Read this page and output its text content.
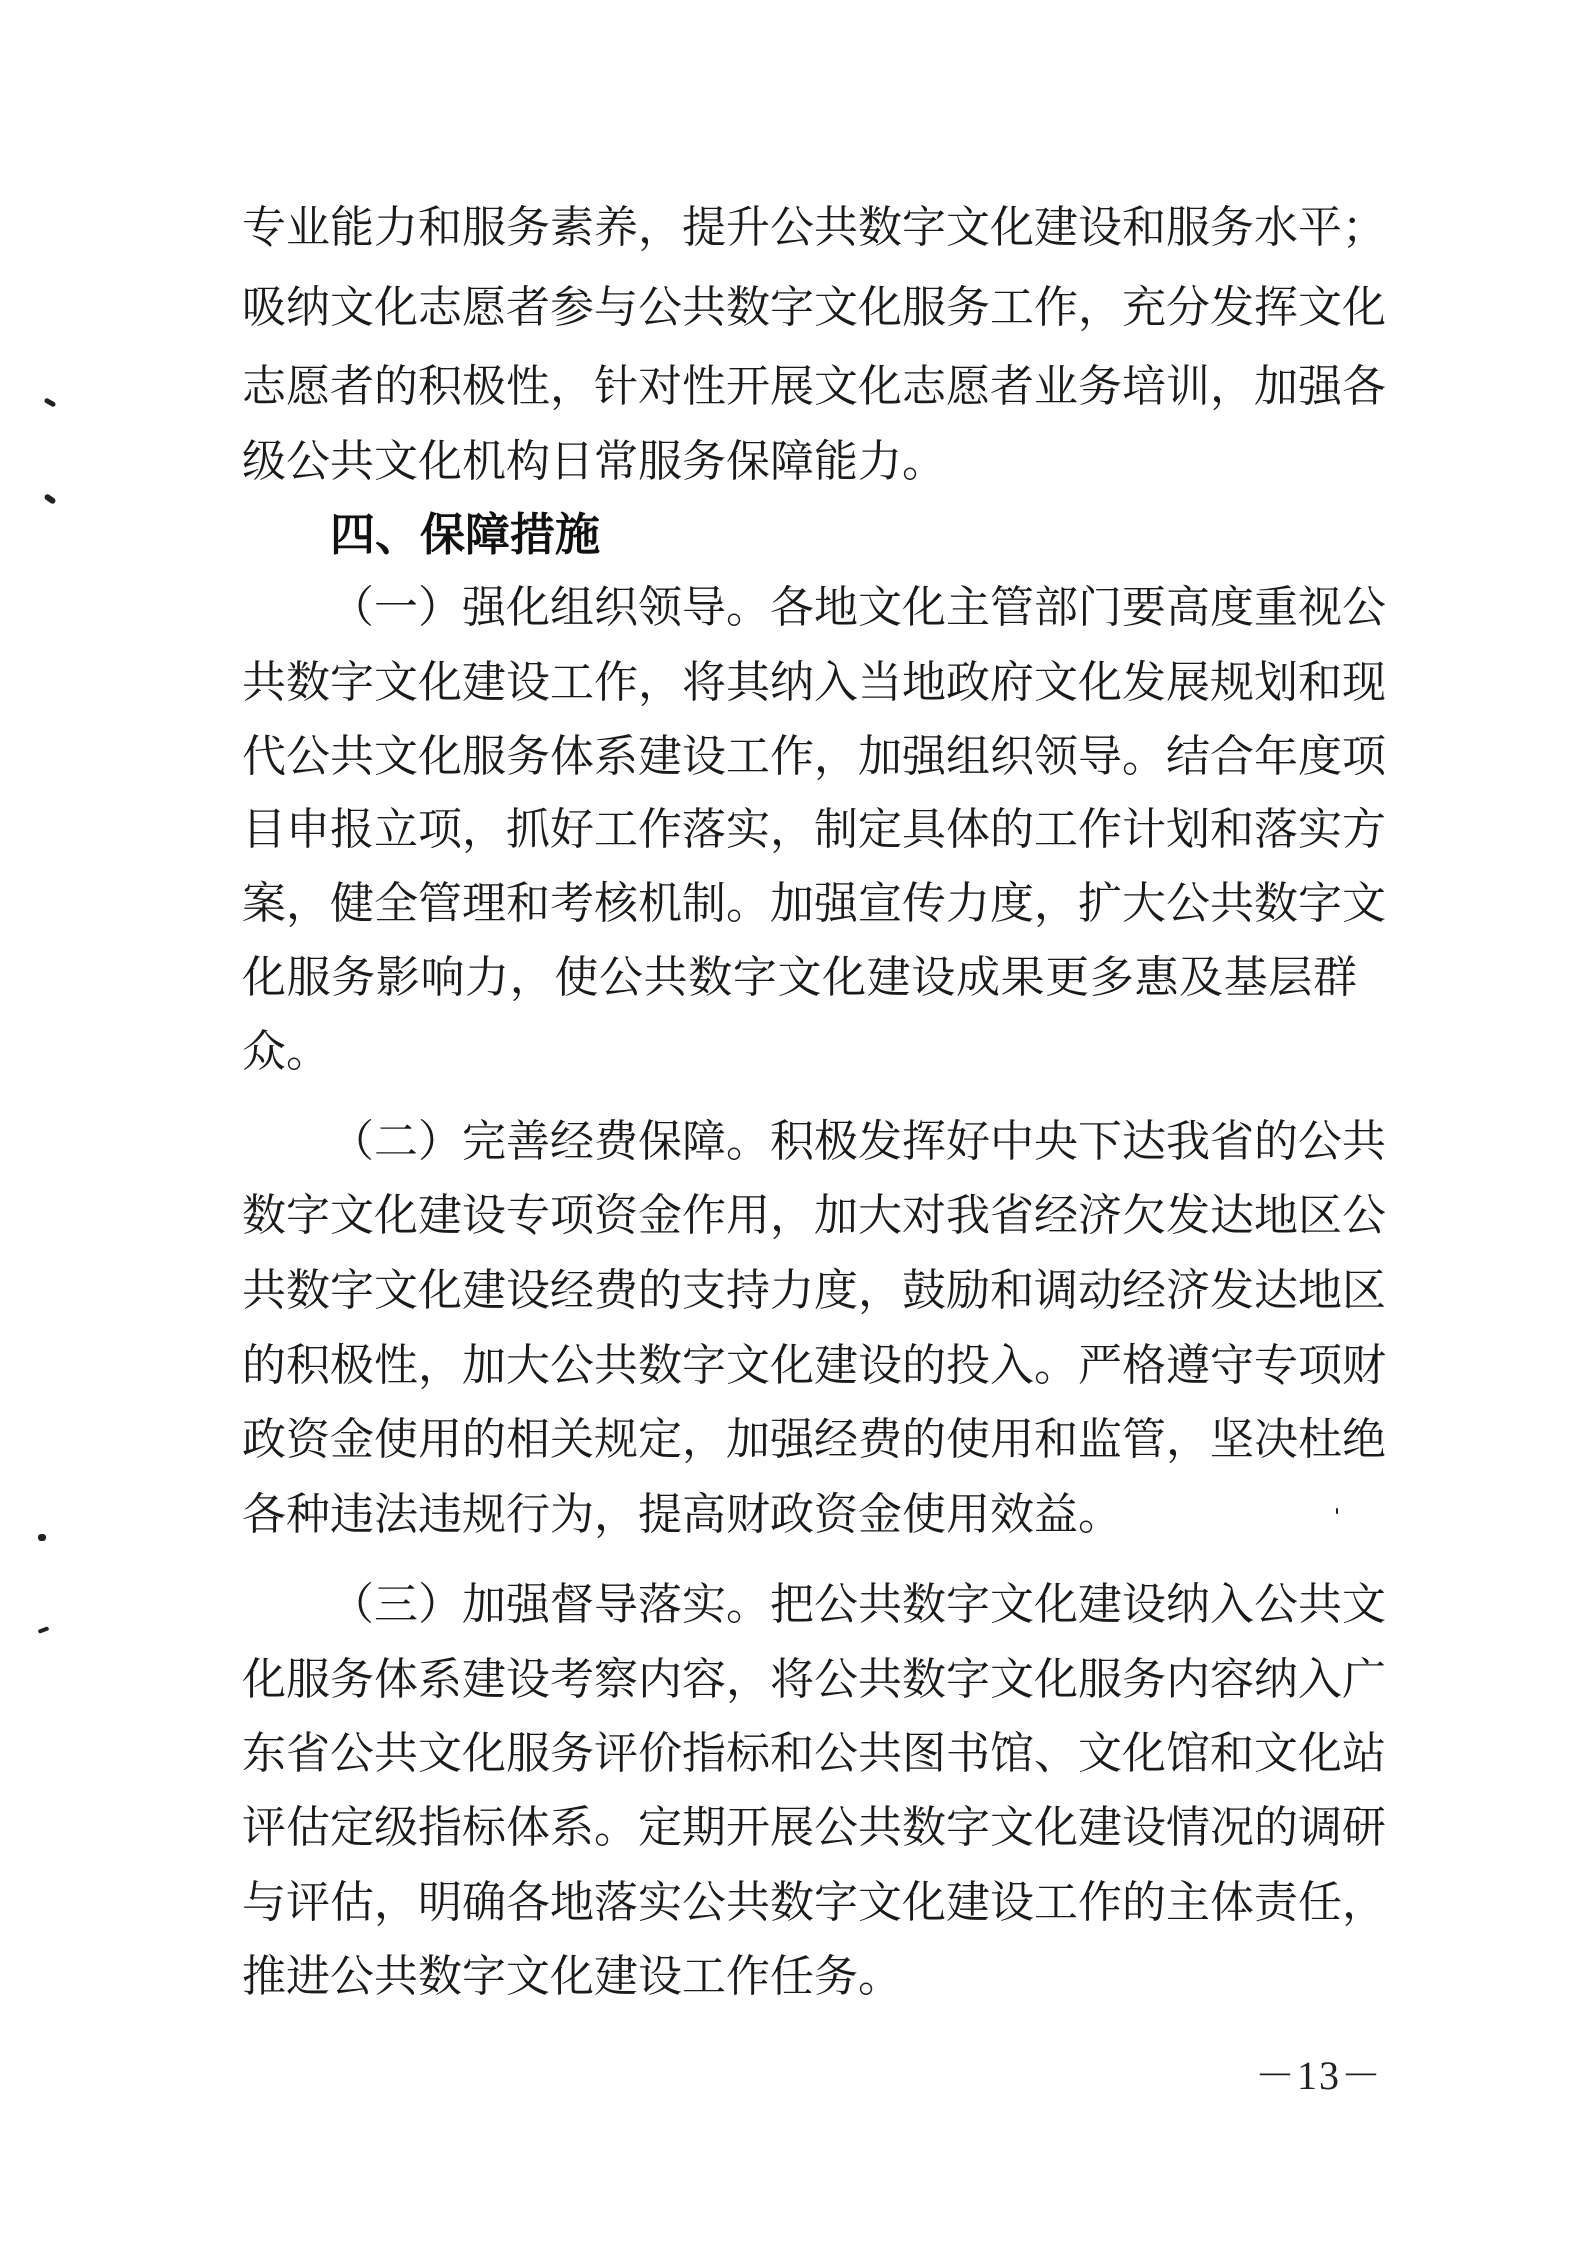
专业能力和服务素养，提升公共数字文化建设和服务水平；
吸纳文化志愿者参与公共数字文化服务工作，充分发挥文化
志愿者的积极性，针对性开展文化志愿者业务培训，加强各
级公共文化机构日常服务保障能力。
四、保障措施
（一）强化组织领导。各地文化主管部门要高度重视公
共数字文化建设工作，将其纳入当地政府文化发展规划和现
代公共文化服务体系建设工作，加强组织领导。结合年度项
目申报立项，抓好工作落实，制定具体的工作计划和落实方
案，健全管理和考核机制。加强宣传力度，扩大公共数字文
化服务影响力，使公共数字文化建设成果更多惠及基层群
众。
（二）完善经费保障。积极发挥好中央下达我省的公共
数字文化建设专项资金作用，加大对我省经济欠发达地区公
共数字文化建设经费的支持力度，鼓励和调动经济发达地区
的积极性，加大公共数字文化建设的投入。严格遵守专项财
政资金使用的相关规定，加强经费的使用和监管，坚决杜绝
各种违法违规行为，提高财政资金使用效益。
（三）加强督导落实。把公共数字文化建设纳入公共文
化服务体系建设考察内容，将公共数字文化服务内容纳入广
东省公共文化服务评价指标和公共图书馆、文化馆和文化站
评估定级指标体系。定期开展公共数字文化建设情况的调研
与评估，明确各地落实公共数字文化建设工作的主体责任，
推进公共数字文化建设工作任务。
－13－
